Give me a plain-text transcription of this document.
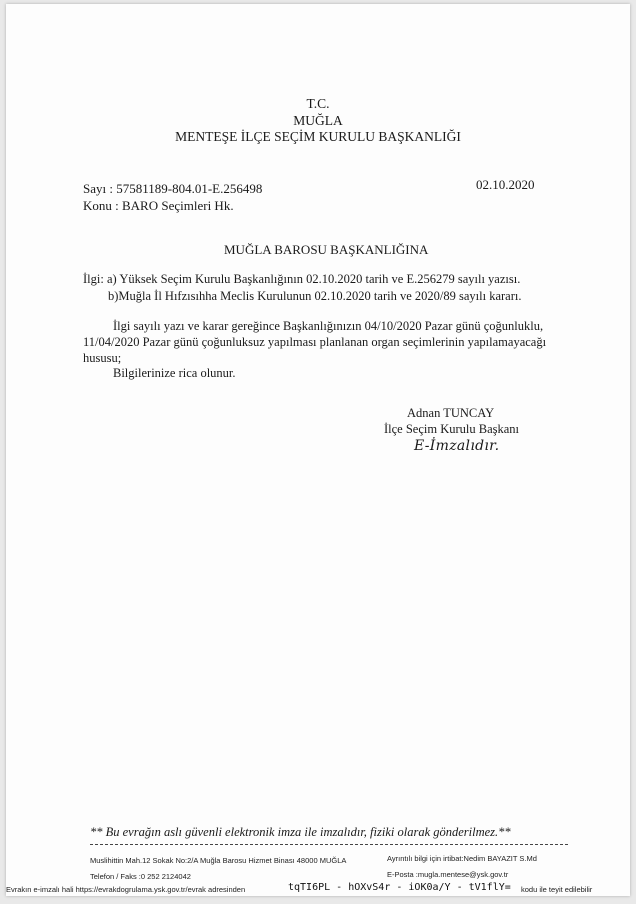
T.C.
MUĞLA
MENTEŞE İLÇE SEÇİM KURULU BAŞKANLIĞI
Sayı : 57581189-804.01-E.256498	02.10.2020
Konu : BARO Seçimleri Hk.
MUĞLA BAROSU BAŞKANLIĞINA
İlgi: a) Yüksek Seçim Kurulu Başkanlığının 02.10.2020 tarih ve E.256279 sayılı yazısı.
b)Muğla İl Hıfzısıhha Meclis Kurulunun 02.10.2020 tarih ve 2020/89 sayılı kararı.
İlgi sayılı yazı ve karar gereğince Başkanlığınızın 04/10/2020 Pazar günü çoğunluklu,
11/04/2020 Pazar günü çoğunluksuz yapılması planlanan organ seçimlerinin yapılamayacağı
hususu;
Bilgilerinize rica olunur.
Adnan TUNCAY
İlçe Seçim Kurulu Başkanı
E-İmzalıdır.
** Bu evrağın aslı güvenli elektronik imza ile imzalıdır, fiziki olarak gönderilmez.**
Muslihittin Mah.12 Sokak No:2/A Muğla Barosu Hizmet Binası 48000 MUĞLA	Ayrıntılı bilgi için irtibat:Nedim BAYAZIT S.Md
Telefon / Faks :0 252 2124042	E-Posta :mugla.mentese@ysk.gov.tr
Evrakın e-imzalı hali https://evrakdogrulama.ysk.gov.tr/evrak adresinden	tqTI6PL - hOXvS4r - iOK0a/Y - tV1flY= kodu ile teyit edilebilir
